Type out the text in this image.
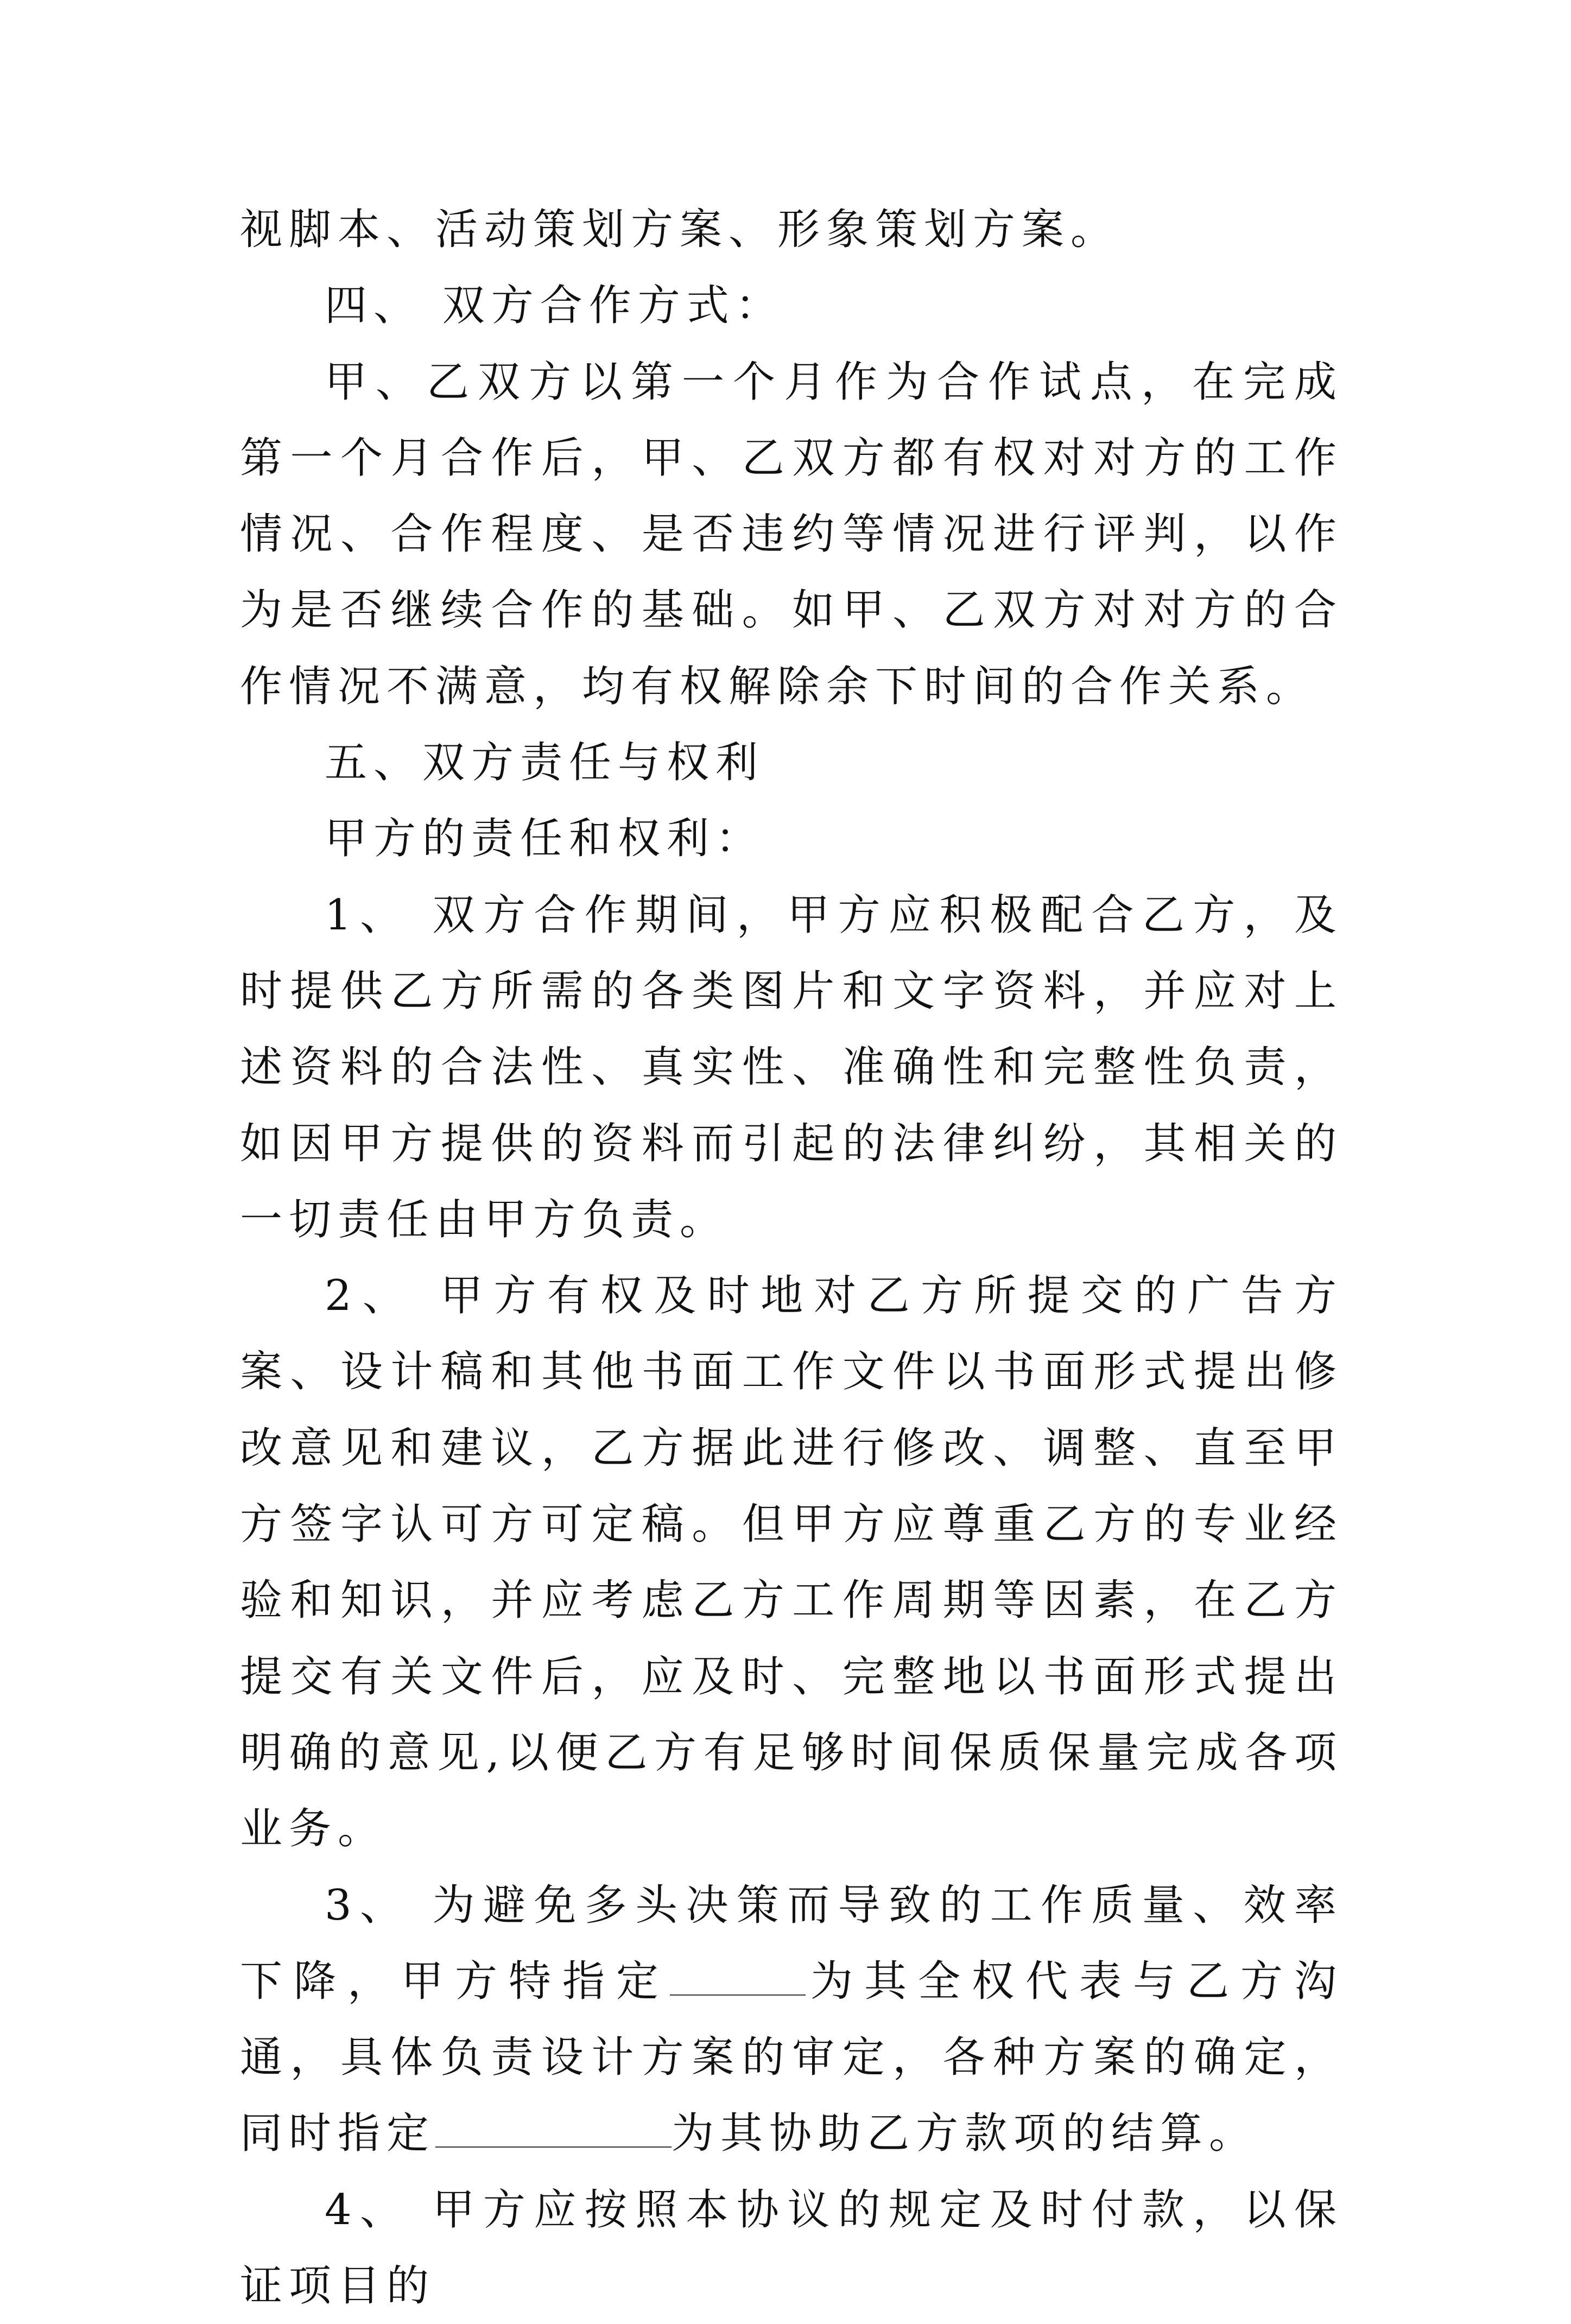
视脚本、活动策划方案、形象策划方案。

四、 双方合作方式：

甲、乙双方以第一个月作为合作试点，在完成第一个月合作后，甲、乙双方都有权对对方的工作情况、合作程度、是否违约等情况进行评判，以作为是否继续合作的基础。如甲、乙双方对对方的合作情况不满意，均有权解除余下时间的合作关系。

五、双方责任与权利

甲方的责任和权利：

1、 双方合作期间，甲方应积极配合乙方，及时提供乙方所需的各类图片和文字资料，并应对上述资料的合法性、真实性、准确性和完整性负责，如因甲方提供的资料而引起的法律纠纷，其相关的一切责任由甲方负责。

2、 甲方有权及时地对乙方所提交的广告方案、设计稿和其他书面工作文件以书面形式提出修改意见和建议，乙方据此进行修改、调整、直至甲方签字认可方可定稿。但甲方应尊重乙方的专业经验和知识，并应考虑乙方工作周期等因素，在乙方提交有关文件后，应及时、完整地以书面形式提出明确的意见,以便乙方有足够时间保质保量完成各项业务。

3、 为避免多头决策而导致的工作质量、效率下降，甲方特指定	为其全权代表与乙方沟通，具体负责设计方案的审定，各种方案的确定，同时指定	为其协助乙方款项的结算。

4、 甲方应按照本协议的规定及时付款，以保证项目的
